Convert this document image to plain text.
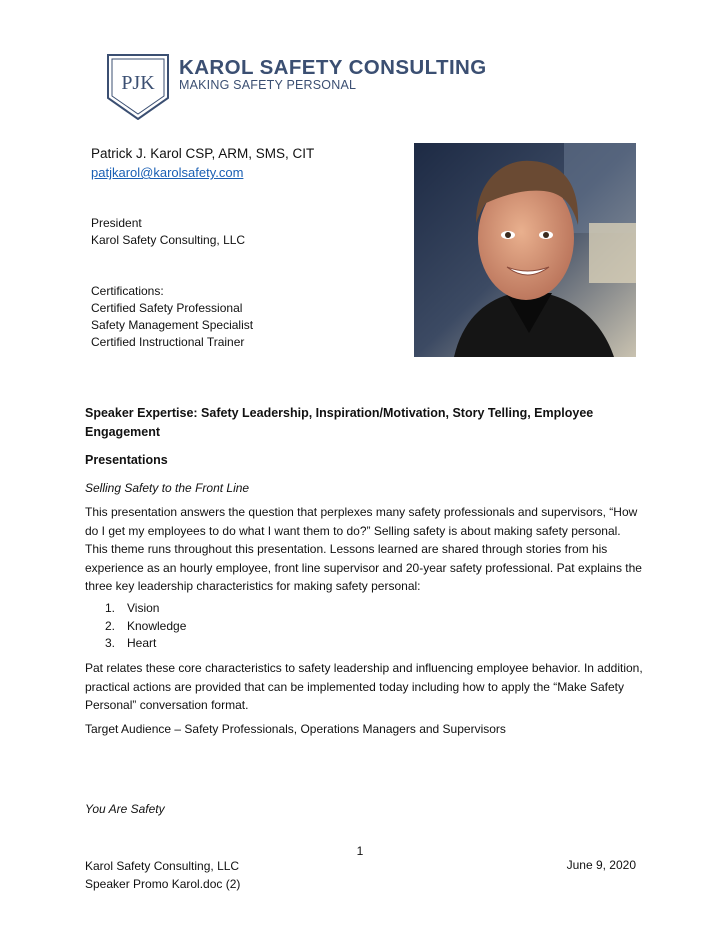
PJK
KAROL SAFETY CONSULTING
MAKING SAFETY PERSONAL
Patrick J. Karol CSP, ARM, SMS, CIT
patjkarol@karolsafety.com
President
Karol Safety Consulting, LLC
Certifications:
Certified Safety Professional
Safety Management Specialist
Certified Instructional Trainer
Speaker Expertise: Safety Leadership, Inspiration/Motivation, Story Telling, Employee Engagement
Presentations
Selling Safety to the Front Line
This presentation answers the question that perplexes many safety professionals and supervisors, “How do I get my employees to do what I want them to do?” Selling safety is about making safety personal. This theme runs throughout this presentation. Lessons learned are shared through stories from his experience as an hourly employee, front line supervisor and 20-year safety professional. Pat explains the three key leadership characteristics for making safety personal:
1. Vision
2. Knowledge
3. Heart
Pat relates these core characteristics to safety leadership and influencing employee behavior. In addition, practical actions are provided that can be implemented today including how to apply the “Make Safety Personal” conversation format.
Target Audience – Safety Professionals, Operations Managers and Supervisors
You Are Safety
1
Karol Safety Consulting, LLC
Speaker Promo Karol.doc (2)
June 9, 2020
